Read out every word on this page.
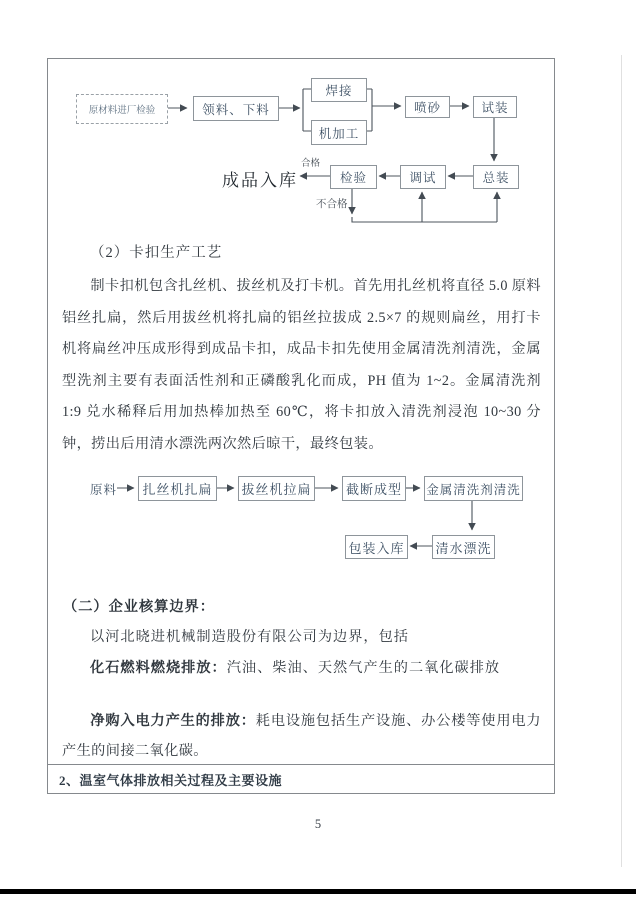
原材料进厂检验	领料、下料
焊接
机加工
喷砂	试装
总装
调试
检验
成品入库
合格
不合格
（2）卡扣生产工艺
制卡扣机包含扎丝机、拔丝机及打卡机。首先用扎丝机将直径 5.0 原料铝丝扎扁，然后用拔丝机将扎扁的铝丝拉拔成 2.5×7 的规则扁丝，用打卡机将扁丝冲压成形得到成品卡扣，成品卡扣先使用金属清洗剂清洗，金属型洗剂主要有表面活性剂和正磷酸乳化而成，PH 值为 1~2。金属清洗剂 1:9 兑水稀释后用加热棒加热至 60℃，将卡扣放入清洗剂浸泡 10~30 分钟，捞出后用清水漂洗两次然后晾干，最终包装。
原料	扎丝机扎扁	拔丝机拉扁	截断成型	金属清洗剂清洗
清水漂洗
包装入库
（二）企业核算边界：
以河北晓进机械制造股份有限公司为边界，包括
化石燃料燃烧排放：汽油、柴油、天然气产生的二氧化碳排放
净购入电力产生的排放：耗电设施包括生产设施、办公楼等使用电力产生的间接二氧化碳。
2、温室气体排放相关过程及主要设施
5
